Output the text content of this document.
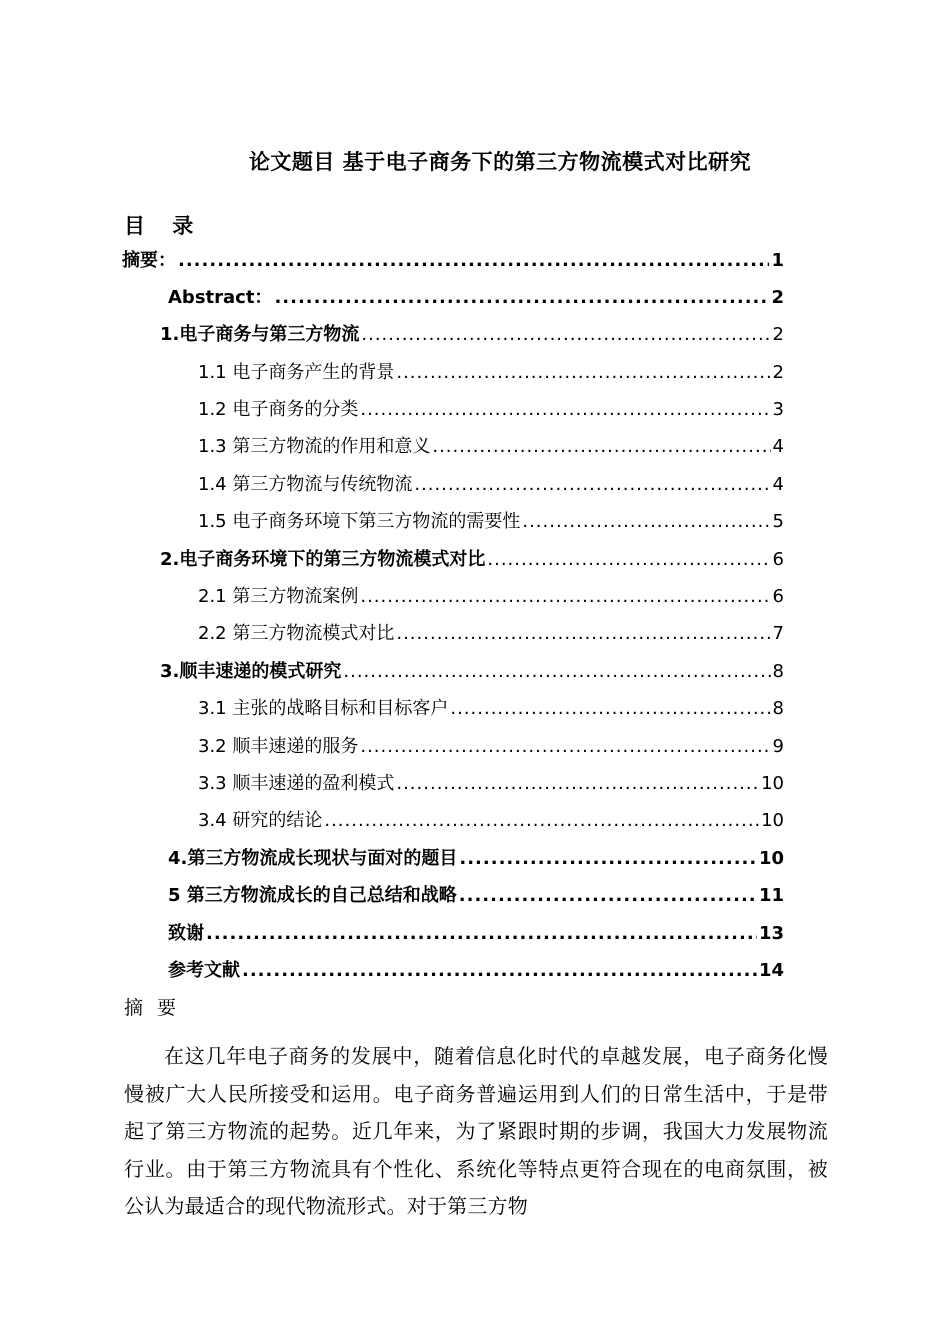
论文题目 基于电子商务下的第三方物流模式对比研究
目 录
摘要： .....	1
Abstract： .....	2
1.电子商务与第三方物流 .....	2
1.1 电子商务产生的背景 .....	2
1.2 电子商务的分类 .....	3
1.3 第三方物流的作用和意义 .....	4
1.4 第三方物流与传统物流 .....	4
1.5 电子商务环境下第三方物流的需要性 .....	5
2.电子商务环境下的第三方物流模式对比 .....	6
2.1 第三方物流案例 .....	6
2.2 第三方物流模式对比 .....	7
3.顺丰速递的模式研究 .....	8
3.1 主张的战略目标和目标客户 .....	8
3.2 顺丰速递的服务 .....	9
3.3 顺丰速递的盈利模式 .....	10
3.4 研究的结论 .....	10
4.第三方物流成长现状与面对的题目 .....	10
5 第三方物流成长的自己总结和战略 .....	11
致谢 .....	13
参考文献 .....	14
摘 要
在这几年电子商务的发展中，随着信息化时代的卓越发展，电子商务化慢慢被广大人民所接受和运用。电子商务普遍运用到人们的日常生活中，于是带起了第三方物流的起势。近几年来，为了紧跟时期的步调，我国大力发展物流行业。由于第三方物流具有个性化、系统化等特点更符合现在的电商氛围，被公认为最适合的现代物流形式。对于第三方物
